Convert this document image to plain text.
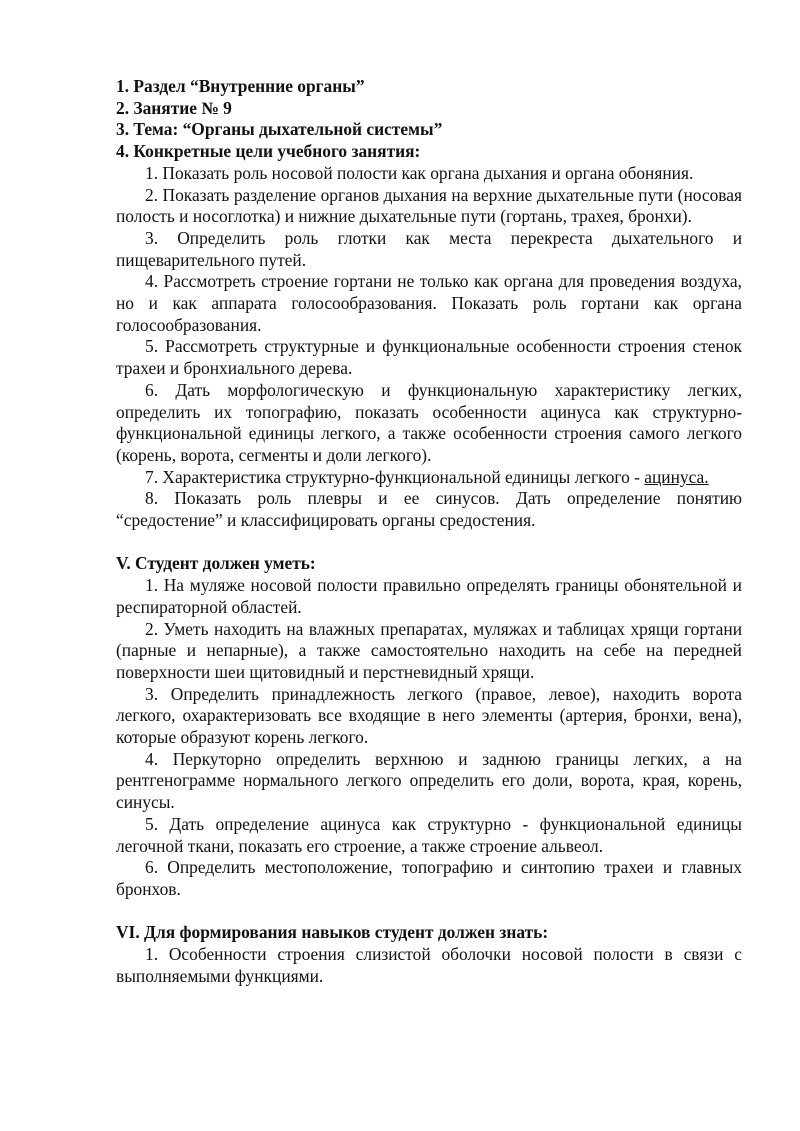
1. Раздел “Внутренние органы”

2. Занятие № 9

3. Тема: “Органы дыхательной системы”

4. Конкретные цели учебного занятия:

1. Показать роль носовой полости как органа дыхания и органа обоняния.

2. Показать разделение органов дыхания на верхние дыхательные пути (носовая полость и носоглотка) и нижние дыхательные пути (гортань, трахея, бронхи).

3. Определить роль глотки как места перекреста дыхательного и пищеварительного путей.

4. Рассмотреть строение гортани не только как органа для проведения воздуха, но и как аппарата голосообразования. Показать роль гортани как органа голосообразования.

5. Рассмотреть структурные и функциональные особенности строения стенок трахеи и бронхиального дерева.

6. Дать морфологическую и функциональную характеристику легких, определить их топографию, показать особенности ацинуса как структурно-функциональной единицы легкого, а также особенности строения самого легкого (корень, ворота, сегменты и доли легкого).

7. Характеристика структурно-функциональной единицы легкого - ацинуса.

8. Показать роль плевры и ее синусов. Дать определение понятию “средостение” и классифицировать органы средостения.

V. Студент должен уметь:

1. На муляже носовой полости правильно определять границы обонятельной и респираторной областей.

2. Уметь находить на влажных препаратах, муляжах и таблицах хрящи гортани (парные и непарные), а также самостоятельно находить на себе на передней поверхности шеи щитовидный и перстневидный хрящи.

3. Определить принадлежность легкого (правое, левое), находить ворота легкого, охарактеризовать все входящие в него элементы (артерия, бронхи, вена), которые образуют корень легкого.

4. Перкуторно определить верхнюю и заднюю границы легких, а на рентгенограмме нормального легкого определить его доли, ворота, края, корень, синусы.

5. Дать определение ацинуса как структурно - функциональной единицы легочной ткани, показать его строение, а также строение альвеол.

6. Определить местоположение, топографию и синтопию трахеи и главных бронхов.

VI. Для формирования навыков студент должен знать:

1. Особенности строения слизистой оболочки носовой полости в связи с выполняемыми функциями.
